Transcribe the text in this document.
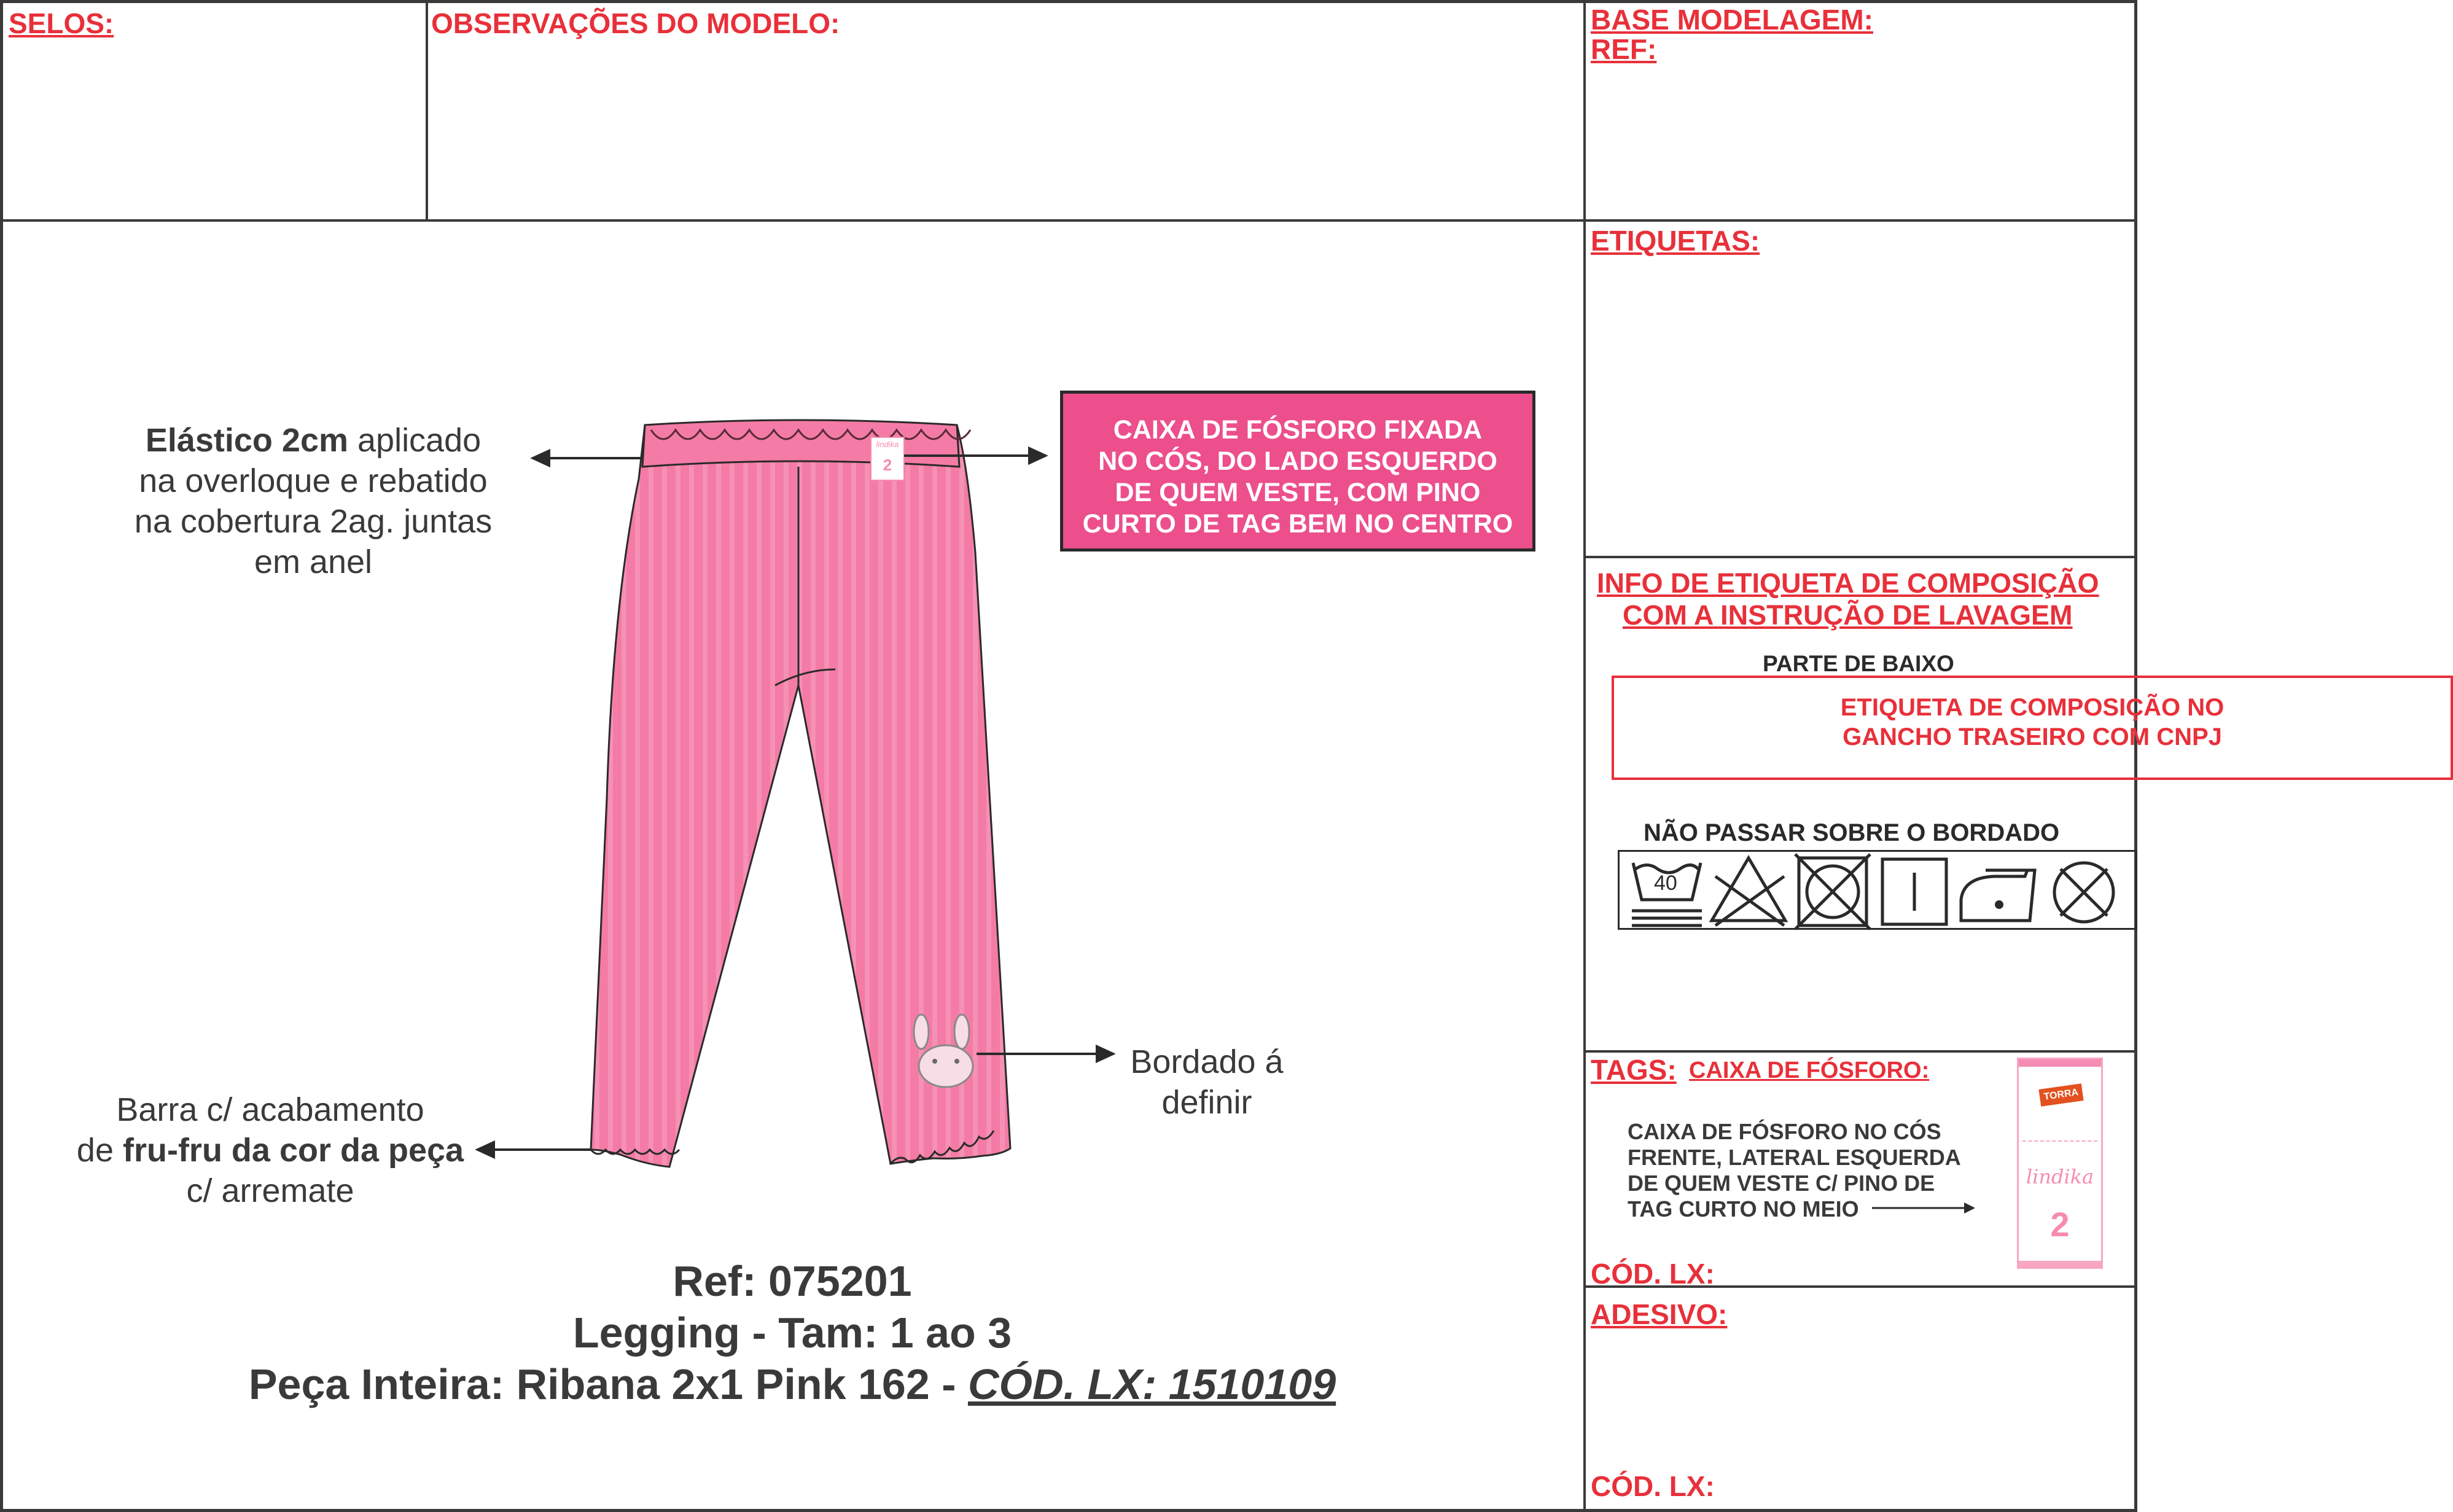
SELOS:	OBSERVAÇÕES DO MODELO:	BASE MODELAGEM:
REF:
ETIQUETAS:
INFO DE ETIQUETA DE COMPOSIÇÃO
COM A INSTRUÇÃO DE LAVAGEM
PARTE DE BAIXO
ETIQUETA DE COMPOSIÇÃO NO
GANCHO TRASEIRO COM CNPJ
NÃO PASSAR SOBRE O BORDADO
40
TAGS: CAIXA DE FÓSFORO:
CAIXA DE FÓSFORO NO CÓS
FRENTE, LATERAL ESQUERDA
DE QUEM VESTE C/ PINO DE
TAG CURTO NO MEIO
TORRA
lindika
2
CÓD. LX:
ADESIVO:
CÓD. LX:
lindika
2
Elástico 2cm aplicado
na overloque e rebatido
na cobertura 2ag. juntas
em anel
CAIXA DE FÓSFORO FIXADA
NO CÓS, DO LADO ESQUERDO
DE QUEM VESTE, COM PINO
CURTO DE TAG BEM NO CENTRO
Bordado á
definir
Barra c/ acabamento
de fru-fru da cor da peça
c/ arremate
Ref: 075201
Legging - Tam: 1 ao 3
Peça Inteira: Ribana 2x1 Pink 162 - CÓD. LX: 1510109
